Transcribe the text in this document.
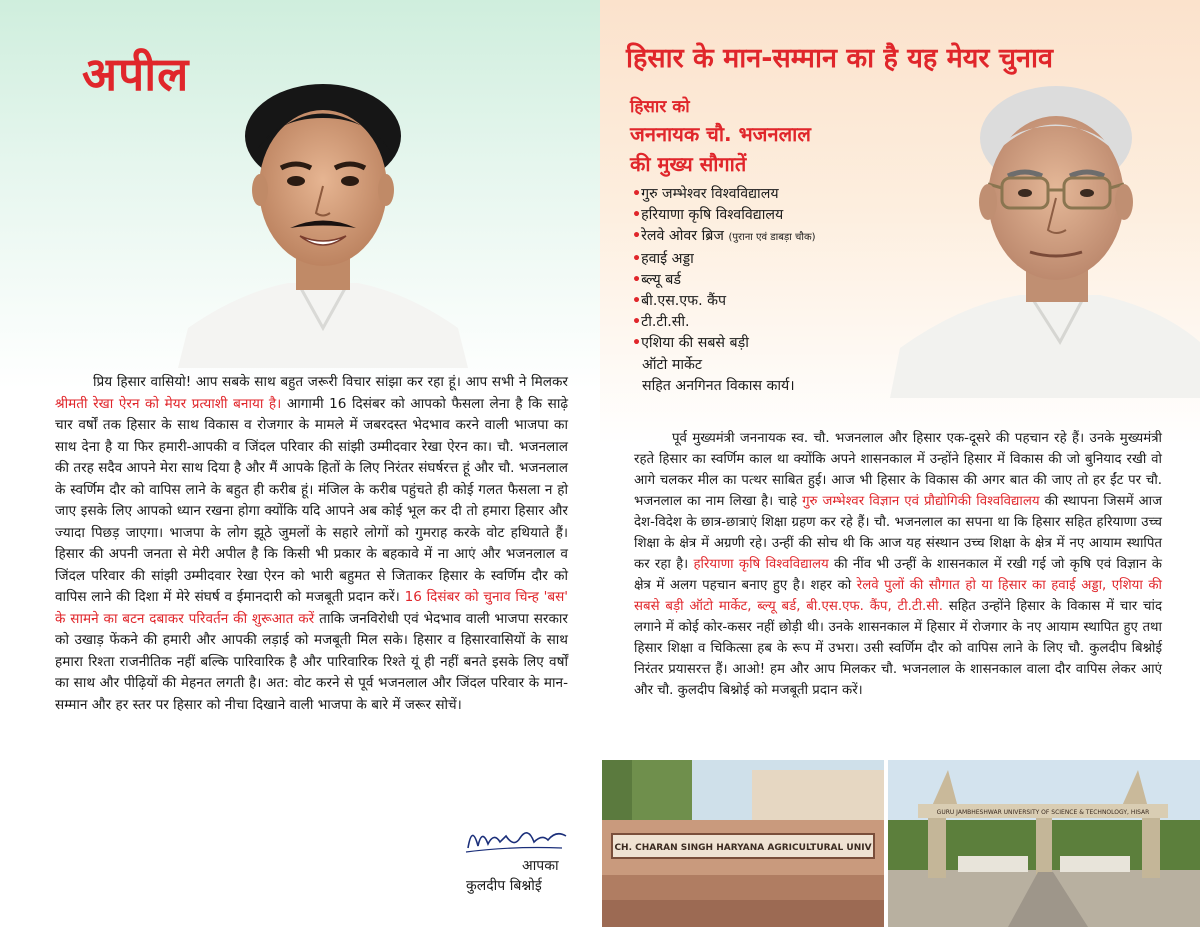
अपील

प्रिय हिसार वासियो! आप सबके साथ बहुत जरूरी विचार सांझा कर रहा हूं। आप सभी ने मिलकर श्रीमती रेखा ऐरन को मेयर प्रत्याशी बनाया है। आगामी 16 दिसंबर को आपको फैसला लेना है कि साढ़े चार वर्षों तक हिसार के साथ विकास व रोजगार के मामले में जबरदस्त भेदभाव करने वाली भाजपा का साथ देना है या फिर हमारी-आपकी व जिंदल परिवार की सांझी उम्मीदवार रेखा ऐरन का। चौ. भजनलाल की तरह सदैव आपने मेरा साथ दिया है और मैं आपके हितों के लिए निरंतर संघर्षरत्त हूं और चौ. भजनलाल के स्वर्णिम दौर को वापिस लाने के बहुत ही करीब हूं। मंजिल के करीब पहुंचते ही कोई गलत फैसला न हो जाए इसके लिए आपको ध्यान रखना होगा क्योंकि यदि आपने अब कोई भूल कर दी तो हमारा हिसार और ज्यादा पिछड़ जाएगा। भाजपा के लोग झूठे जुमलों के सहारे लोगों को गुमराह करके वोट हथियाते हैं। हिसार की अपनी जनता से मेरी अपील है कि किसी भी प्रकार के बहकावे में ना आएं और भजनलाल व जिंदल परिवार की सांझी उम्मीदवार रेखा ऐरन को भारी बहुमत से जिताकर हिसार के स्वर्णिम दौर को वापिस लाने की दिशा में मेरे संघर्ष व ईमानदारी को मजबूती प्रदान करें। 16 दिसंबर को चुनाव चिन्ह 'बस' के सामने का बटन दबाकर परिवर्तन की शुरूआत करें ताकि जनविरोधी एवं भेदभाव वाली भाजपा सरकार को उखाड़ फेंकने की हमारी और आपकी लड़ाई को मजबूती मिल सके। हिसार व हिसारवासियों के साथ हमारा रिश्ता राजनीतिक नहीं बल्कि पारिवारिक है और पारिवारिक रिश्ते यूं ही नहीं बनते इसके लिए वर्षों का साथ और पीढ़ियों की मेहनत लगती है। अत: वोट करने से पूर्व भजनलाल और जिंदल परिवार के मान-सम्मान और हर स्तर पर हिसार को नीचा दिखाने वाली भाजपा के बारे में जरूर सोचें।

आपका
कुलदीप बिश्नोई
हिसार के मान-सम्मान का है यह मेयर चुनाव
हिसार को
जननायक चौ. भजनलाल
की मुख्य सौगातें
•गुरु जम्भेश्वर विश्वविद्यालय
•हरियाणा कृषि विश्वविद्यालय
•रेलवे ओवर ब्रिज (पुराना एवं डाबड़ा चौक)
•हवाई अड्डा
•ब्ल्यू बर्ड
•बी.एस.एफ. कैंप
•टी.टी.सी.
•एशिया की सबसे बड़ी
ऑटो मार्केट
सहित अनगिनत विकास कार्य।

पूर्व मुख्यमंत्री जननायक स्व. चौ. भजनलाल और हिसार एक-दूसरे की पहचान रहे हैं। उनके मुख्यमंत्री रहते हिसार का स्वर्णिम काल था क्योंकि अपने शासनकाल में उन्होंने हिसार में विकास की जो बुनियाद रखी वो आगे चलकर मील का पत्थर साबित हुई। आज भी हिसार के विकास की अगर बात की जाए तो हर ईंट पर चौ. भजनलाल का नाम लिखा है। चाहे गुरु जम्भेश्वर विज्ञान एवं प्रौद्योगिकी विश्वविद्यालय की स्थापना जिसमें आज देश-विदेश के छात्र-छात्राएं शिक्षा ग्रहण कर रहे हैं। चौ. भजनलाल का सपना था कि हिसार सहित हरियाणा उच्च शिक्षा के क्षेत्र में अग्रणी रहे। उन्हीं की सोच थी कि आज यह संस्थान उच्च शिक्षा के क्षेत्र में नए आयाम स्थापित कर रहा है। हरियाणा कृषि विश्वविद्यालय की नींव भी उन्हीं के शासनकाल में रखी गई जो कृषि एवं विज्ञान के क्षेत्र में अलग पहचान बनाए हुए है। शहर को रेलवे पुलों की सौगात हो या हिसार का हवाई अड्डा, एशिया की सबसे बड़ी ऑटो मार्केट, ब्ल्यू बर्ड, बी.एस.एफ. कैंप, टी.टी.सी. सहित उन्होंने हिसार के विकास में चार चांद लगाने में कोई कोर-कसर नहीं छोड़ी थी। उनके शासनकाल में हिसार में रोजगार के नए आयाम स्थापित हुए तथा हिसार शिक्षा व चिकित्सा हब के रूप में उभरा। उसी स्वर्णिम दौर को वापिस लाने के लिए चौ. कुलदीप बिश्नोई निरंतर प्रयासरत्त हैं। आओ! हम और आप मिलकर चौ. भजनलाल के शासनकाल वाला दौर वापिस लेकर आएं और चौ. कुलदीप बिश्नोई को मजबूती प्रदान करें।

CH. CHARAN SINGH HARYANA AGRICULTURAL UNIV
GURU JAMBHESHWAR UNIVERSITY OF SCIENCE & TECHNOLOGY, HISAR
